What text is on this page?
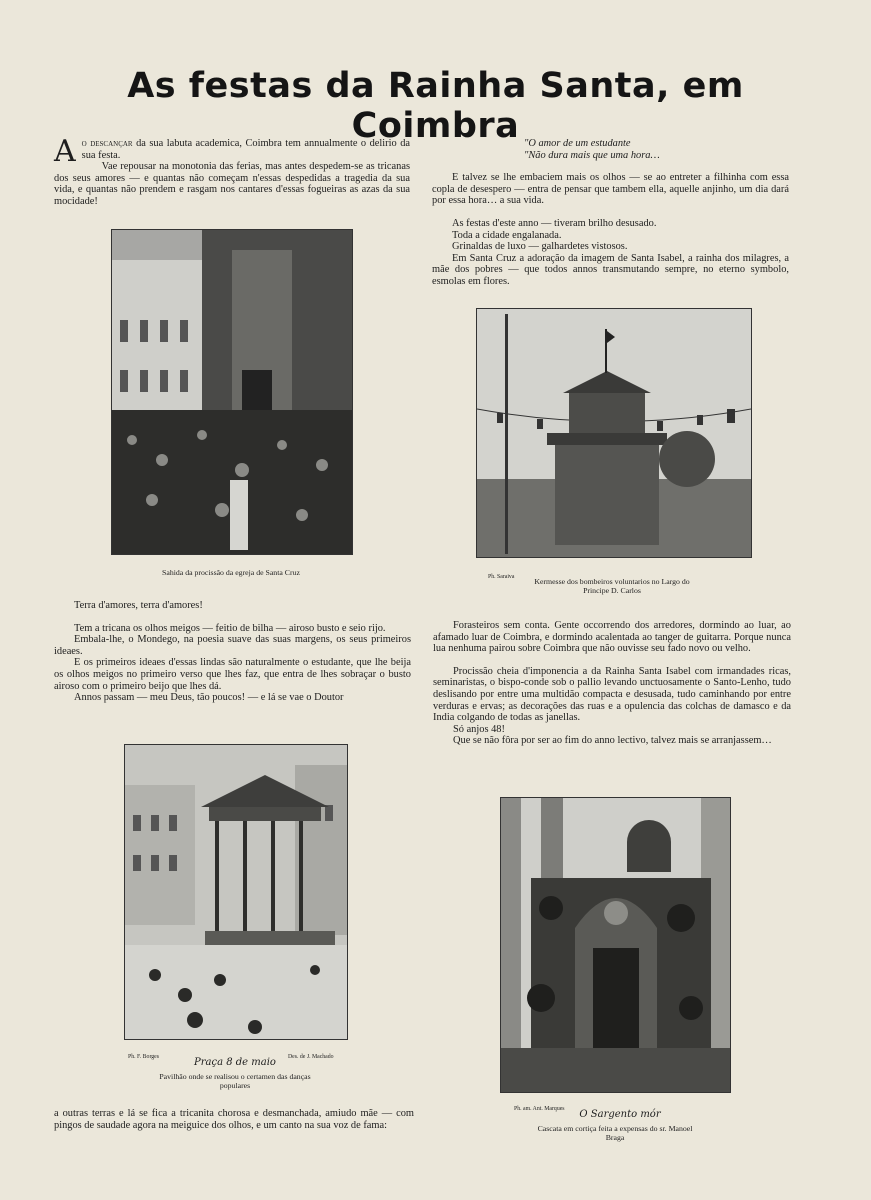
As festas da Rainha Santa, em Coimbra

Ao descançar da sua labuta academica, Coimbra tem annualmente o delirio da sua festa.

Vae repousar na monotonia das ferias, mas antes despedem-se as tricanas dos seus amores — e quantas não começam n'essas despedidas a tragedia da sua vida, e quantas não prendem e rasgam nos cantares d'essas fogueiras as azas da sua mocidade!

"O amor de um estudante

"Não dura mais que uma hora…

E talvez se lhe embaciem mais os olhos — se ao entreter a filhinha com essa copla de desespero — entra de pensar que tambem ella, aquelle anjinho, um dia dará por essa hora… a sua vida.

As festas d'este anno — tiveram brilho desusado.

Toda a cidade engalanada.

Grinaldas de luxo — galhardetes vistosos.

Em Santa Cruz a adoração da imagem de Santa Isabel, a rainha dos milagres, a mãe dos pobres — que todos annos transmutando sempre, no eterno symbolo, esmolas em flores.

Sahida da procissão da egreja de Santa Cruz	Ph. Saraiva	Kermesse dos bombeiros voluntarios no Largo do Principe D. Carlos

Terra d'amores, terra d'amores!

Tem a tricana os olhos meigos — feitio de bilha — airoso busto e seio rijo.

Embala-lhe, o Mondego, na poesia suave das suas margens, os seus primeiros ideaes.

E os primeiros ideaes d'essas lindas são naturalmente o estudante, que lhe beija os olhos meigos no primeiro verso que lhes faz, que entra de lhes sobraçar o busto airoso com o primeiro beijo que lhes dá.

Annos passam — meu Deus, tão poucos! — e lá se vae o Doutor

Forasteiros sem conta. Gente occorrendo dos arredores, dormindo ao luar, ao afamado luar de Coimbra, e dormindo acalentada ao tanger de guitarra. Porque nunca lua nenhuma pairou sobre Coimbra que não ouvisse seu fado novo ou velho.

Procissão cheia d'imponencia a da Rainha Santa Isabel com irmandades ricas, seminaristas, o bispo-conde sob o pallio levando unctuosamente o Santo-Lenho, tudo deslisando por entre uma multidão compacta e desusada, tudo caminhando por entre verduras e ervas; as decorações das ruas e a opulencia das colchas de damasco e da India colgando de todas as janellas.

Só anjos 48!

Que se não fôra por ser ao fim do anno lectivo, talvez mais se arranjassem…

Ph. F. Borges	Des. de J. Machado
Praça 8 de maio
Pavilhão onde se realisou o certamen das danças populares
Ph. am. Ant. Marques	O Sargento mór
Cascata em cortiça feita a expensas do sr. Manoel Braga

a outras terras e lá se fica a tricanita chorosa e desmanchada, amiudo mãe — com pingos de saudade agora na meiguice dos olhos, e um canto na sua voz de fama:
